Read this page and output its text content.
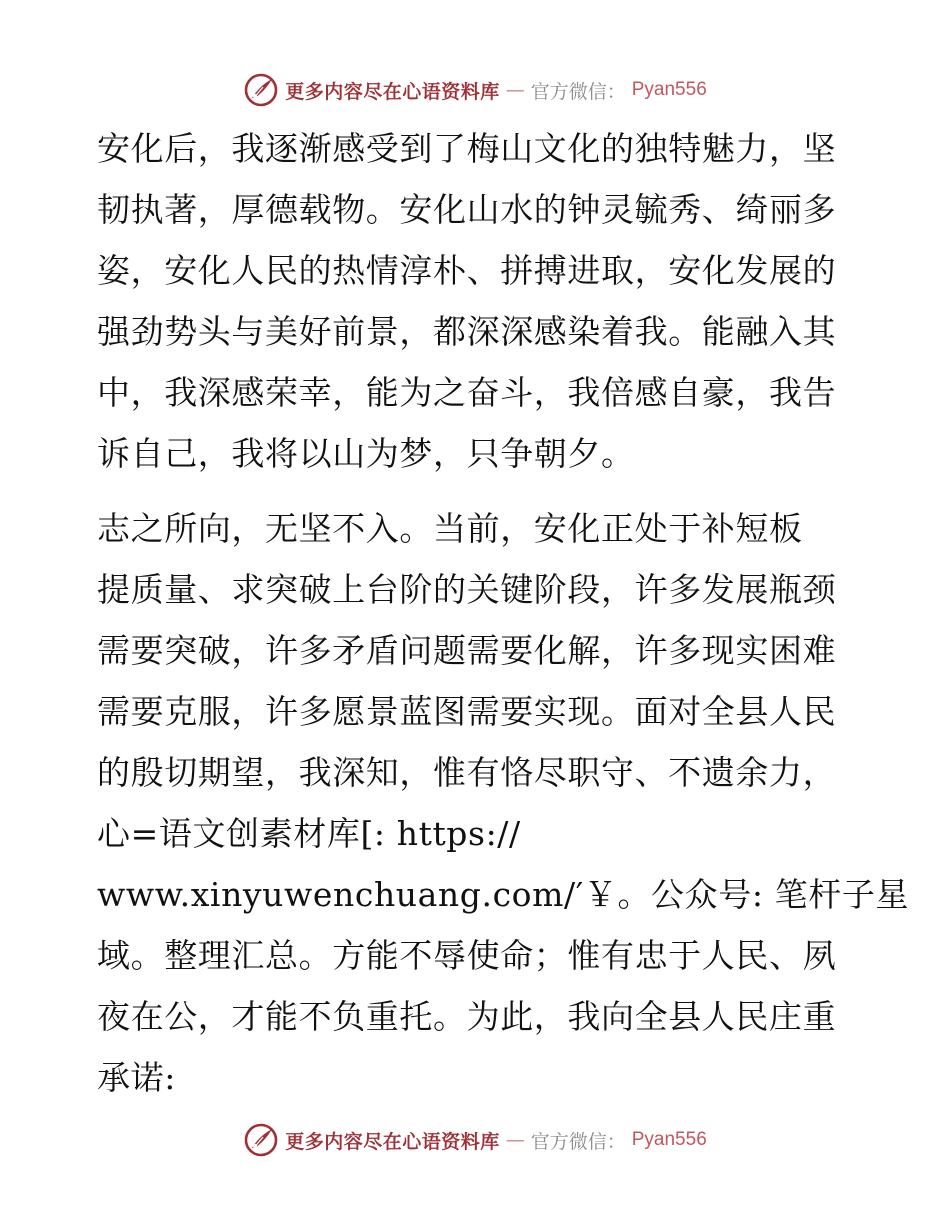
更多内容尽在心语资料库 — 官方微信： Pyan556
安化后，我逐渐感受到了梅山文化的独特魅力，坚
韧执著，厚德载物。安化山水的钟灵毓秀、绮丽多
姿，安化人民的热情淳朴、拼搏进取，安化发展的
强劲势头与美好前景，都深深感染着我。能融入其
中，我深感荣幸，能为之奋斗，我倍感自豪，我告
诉自己，我将以山为梦，只争朝夕。
志之所向，无坚不入。当前，安化正处于补短板
提质量、求突破上台阶的关键阶段，许多发展瓶颈
需要突破，许多矛盾问题需要化解，许多现实困难
需要克服，许多愿景蓝图需要实现。面对全县人民
的殷切期望，我深知，惟有恪尽职守、不遗余力，
心=语文创素材库[: https://
www.xinyuwenchuang.com/′￥。公众号: 笔杆子星
域。整理汇总。方能不辱使命；惟有忠于人民、夙
夜在公，才能不负重托。为此，我向全县人民庄重
承诺:
更多内容尽在心语资料库 — 官方微信： Pyan556
